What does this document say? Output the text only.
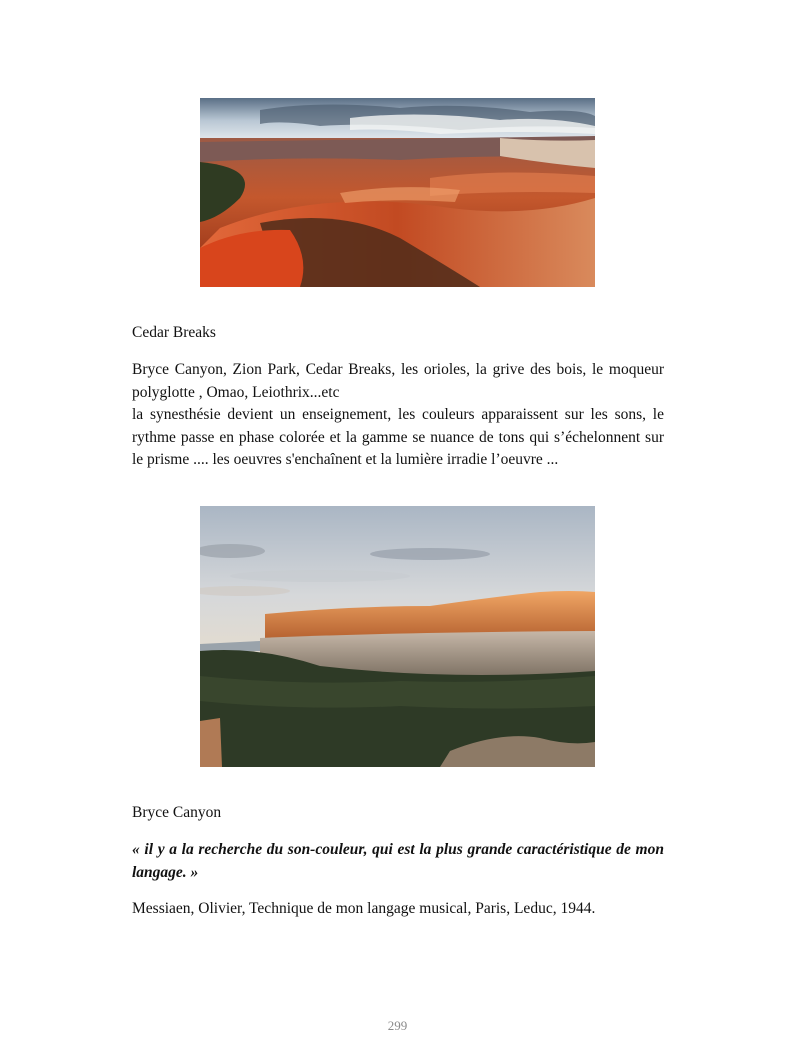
Cedar Breaks

Bryce Canyon, Zion Park, Cedar Breaks, les orioles, la grive des bois, le moqueur polyglotte , Omao, Leiothrix...etc

la synesthésie devient un enseignement, les couleurs apparaissent sur les sons, le rythme passe en phase colorée et la gamme se nuance de tons qui s’échelonnent sur le prisme .... les oeuvres s'enchaînent et la lumière irradie l’oeuvre ...

Bryce Canyon

« il y a la recherche du son-couleur, qui est la plus grande caractéristique de mon langage. »

Messiaen, Olivier, Technique de mon langage musical, Paris, Leduc, 1944.

299
